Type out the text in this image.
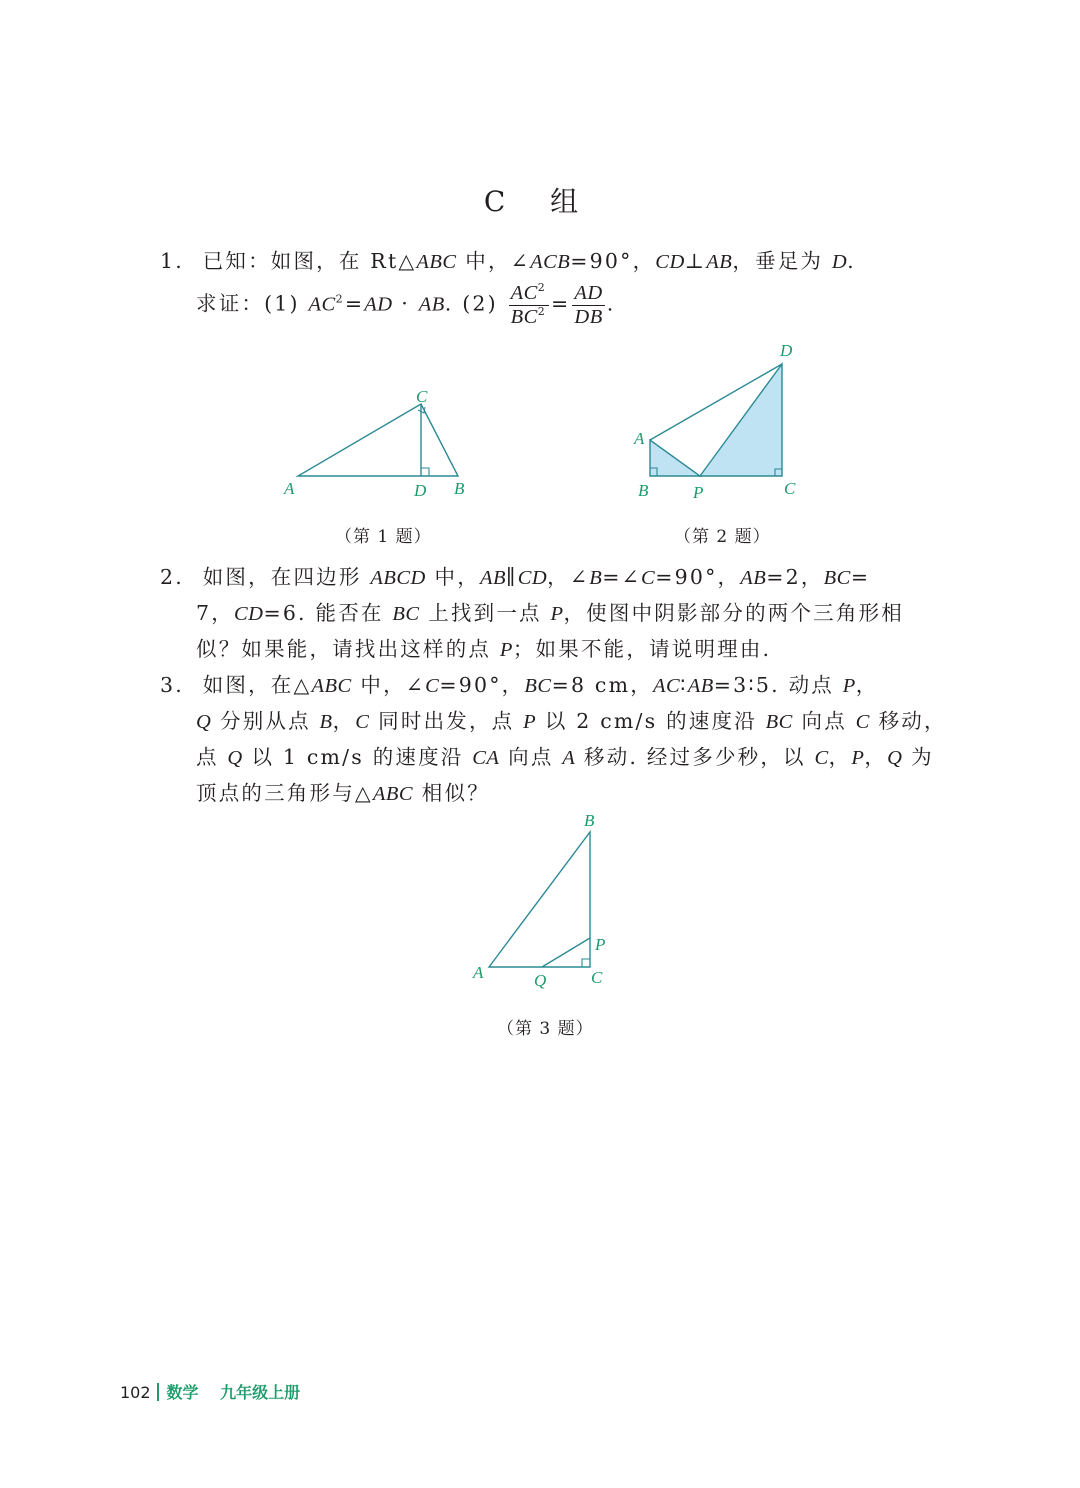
C 组
1. 已知：如图，在 Rt△ABC 中，∠ACB=90°，CD⊥AB，垂足为 D.
求证：(1) $AC^2=AD$ · AB. $(2) \frac{AC^2}{BC^2} = \frac{AD}{DB}$ .
A	B
C
D
（第 1 题）
A
B	C
D
P
（第 2 题）
2. 如图，在四边形 ABCD 中，AB∥CD，∠B=∠C=90°，AB=2，BC=
7，CD=6. 能否在 BC 上找到一点 P，使图中阴影部分的两个三角形相
似？如果能，请找出这样的点 P；如果不能，请说明理由.
3. 如图，在△ABC 中，∠C=90°，BC=8 cm，AC∶AB=3∶5. 动点 P，
Q 分别从点 B，C 同时出发，点 P 以 2 cm/s 的速度沿 BC 向点 C 移动，
点 Q 以 1 cm/s 的速度沿 CA 向点 A 移动. 经过多少秒，以 C，P，Q 为
顶点的三角形与△ABC 相似？
A
B
C
P
Q
（第 3 题）
102 数学 九年级上册
